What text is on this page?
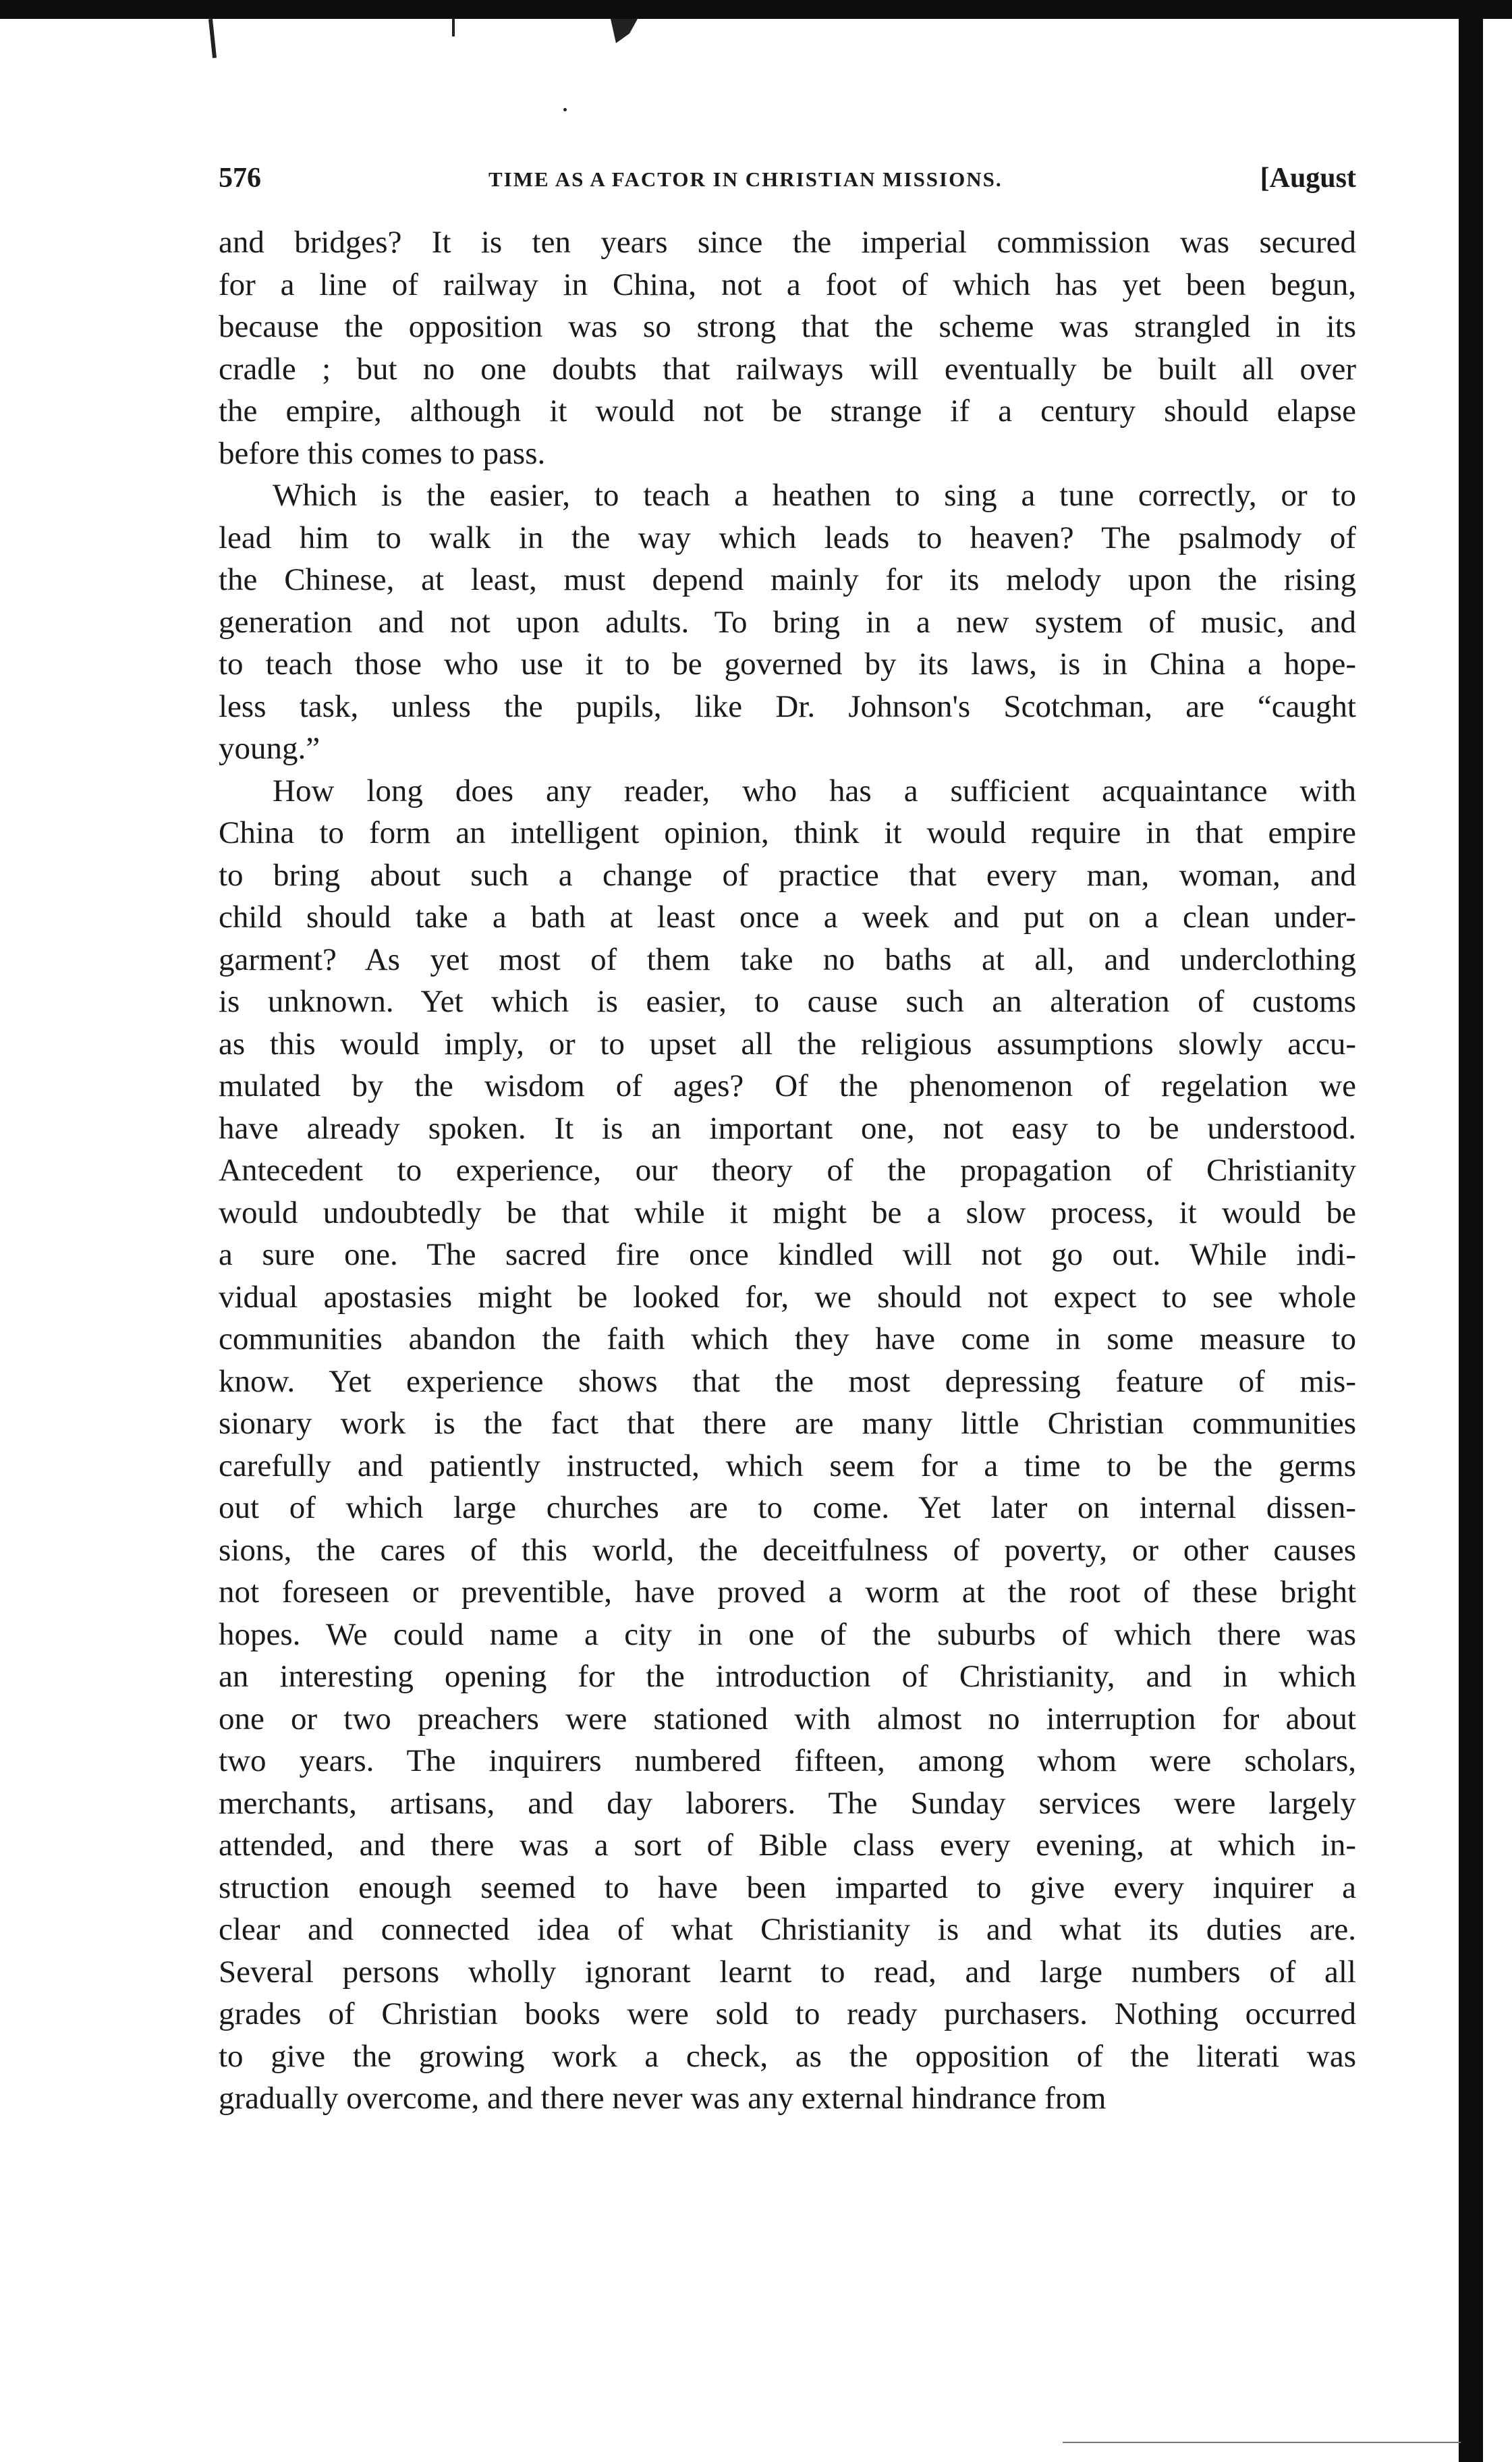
576	TIME AS A FACTOR IN CHRISTIAN MISSIONS.	[August
and bridges? It is ten years since the imperial commission was secured
for a line of railway in China, not a foot of which has yet been begun,
because the opposition was so strong that the scheme was strangled in its
cradle ; but no one doubts that railways will eventually be built all over
the empire, although it would not be strange if a century should elapse
before this comes to pass.
Which is the easier, to teach a heathen to sing a tune correctly, or to
lead him to walk in the way which leads to heaven? The psalmody of
the Chinese, at least, must depend mainly for its melody upon the rising
generation and not upon adults. To bring in a new system of music, and
to teach those who use it to be governed by its laws, is in China a hope-
less task, unless the pupils, like Dr. Johnson's Scotchman, are “caught
young.”
How long does any reader, who has a sufficient acquaintance with
China to form an intelligent opinion, think it would require in that empire
to bring about such a change of practice that every man, woman, and
child should take a bath at least once a week and put on a clean under-
garment? As yet most of them take no baths at all, and underclothing
is unknown. Yet which is easier, to cause such an alteration of customs
as this would imply, or to upset all the religious assumptions slowly accu-
mulated by the wisdom of ages? Of the phenomenon of regelation we
have already spoken. It is an important one, not easy to be understood.
Antecedent to experience, our theory of the propagation of Christianity
would undoubtedly be that while it might be a slow process, it would be
a sure one. The sacred fire once kindled will not go out. While indi-
vidual apostasies might be looked for, we should not expect to see whole
communities abandon the faith which they have come in some measure to
know. Yet experience shows that the most depressing feature of mis-
sionary work is the fact that there are many little Christian communities
carefully and patiently instructed, which seem for a time to be the germs
out of which large churches are to come. Yet later on internal dissen-
sions, the cares of this world, the deceitfulness of poverty, or other causes
not foreseen or preventible, have proved a worm at the root of these bright
hopes. We could name a city in one of the suburbs of which there was
an interesting opening for the introduction of Christianity, and in which
one or two preachers were stationed with almost no interruption for about
two years. The inquirers numbered fifteen, among whom were scholars,
merchants, artisans, and day laborers. The Sunday services were largely
attended, and there was a sort of Bible class every evening, at which in-
struction enough seemed to have been imparted to give every inquirer a
clear and connected idea of what Christianity is and what its duties are.
Several persons wholly ignorant learnt to read, and large numbers of all
grades of Christian books were sold to ready purchasers. Nothing occurred
to give the growing work a check, as the opposition of the literati was
gradually overcome, and there never was any external hindrance from
